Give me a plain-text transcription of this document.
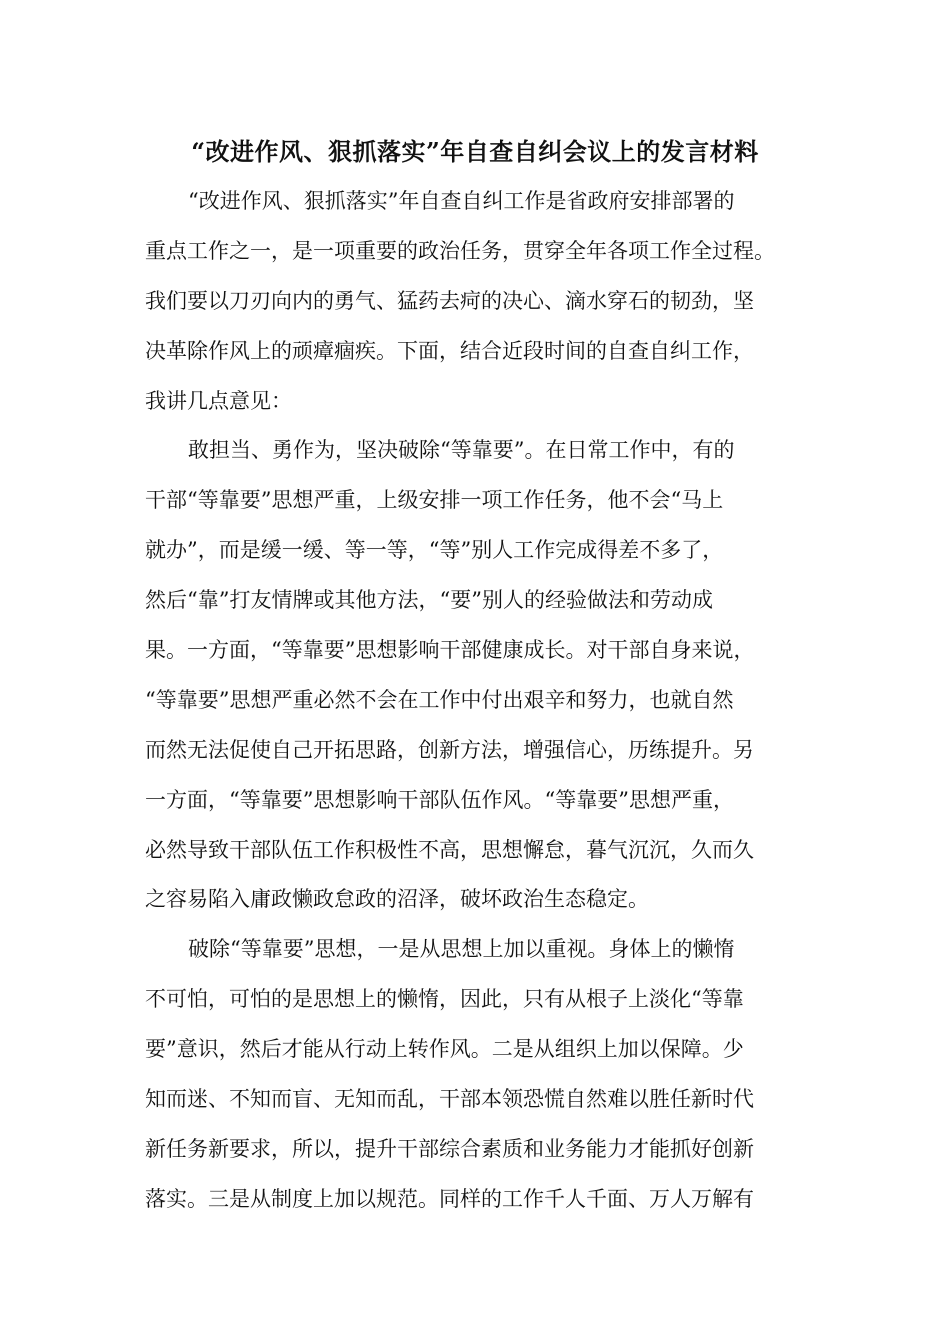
“改进作风、狠抓落实”年自查自纠会议上的发言材料
“改进作风、狠抓落实”年自查自纠工作是省政府安排部署的
重点工作之一，是一项重要的政治任务，贯穿全年各项工作全过程。
我们要以刀刃向内的勇气、猛药去疴的决心、滴水穿石的韧劲，坚
决革除作风上的顽瘴痼疾。下面，结合近段时间的自查自纠工作，
我讲几点意见：
敢担当、勇作为，坚决破除“等靠要”。在日常工作中，有的
干部“等靠要”思想严重，上级安排一项工作任务，他不会“马上
就办”，而是缓一缓、等一等，“等”别人工作完成得差不多了，
然后“靠”打友情牌或其他方法，“要”别人的经验做法和劳动成
果。一方面，“等靠要”思想影响干部健康成长。对干部自身来说，
“等靠要”思想严重必然不会在工作中付出艰辛和努力，也就自然
而然无法促使自己开拓思路，创新方法，增强信心，历练提升。另
一方面，“等靠要”思想影响干部队伍作风。“等靠要”思想严重，
必然导致干部队伍工作积极性不高，思想懈怠，暮气沉沉，久而久
之容易陷入庸政懒政怠政的沼泽，破坏政治生态稳定。
破除“等靠要”思想，一是从思想上加以重视。身体上的懒惰
不可怕，可怕的是思想上的懒惰，因此，只有从根子上淡化“等靠
要”意识，然后才能从行动上转作风。二是从组织上加以保障。少
知而迷、不知而盲、无知而乱，干部本领恐慌自然难以胜任新时代
新任务新要求，所以，提升干部综合素质和业务能力才能抓好创新
落实。三是从制度上加以规范。同样的工作千人千面、万人万解有
